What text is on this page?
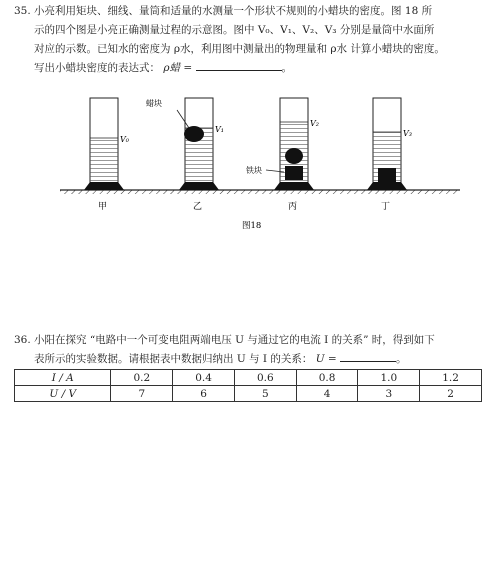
35. 小亮利用矩块、细线、量筒和适量的水测量一个形状不规则的小蜡块的密度。图 18 所

示的四个图是小亮正确测量过程的示意图。图中 V₀、V₁、V₂、V₃ 分别是量筒中水面所

对应的示数。已知水的密度为 ρ水，利用图中测量出的物理量和 ρ水 计算小蜡块的密度。

写出小蜡块密度的表达式： ρ蜡 =	。

V₀
蜡块
V₁
铁块
V₂
V₃
甲	乙	丙	丁
图18

36. 小阳在探究 “电路中一个可变电阻两端电压 U 与通过它的电流 I 的关系” 时，得到如下

表所示的实验数据。请根据表中数据归纳出 U 与 I 的关系： U =	。

I / A	0.2	0.4	0.6	0.8	1.0	1.2
U / V	7	6	5	4	3	2
